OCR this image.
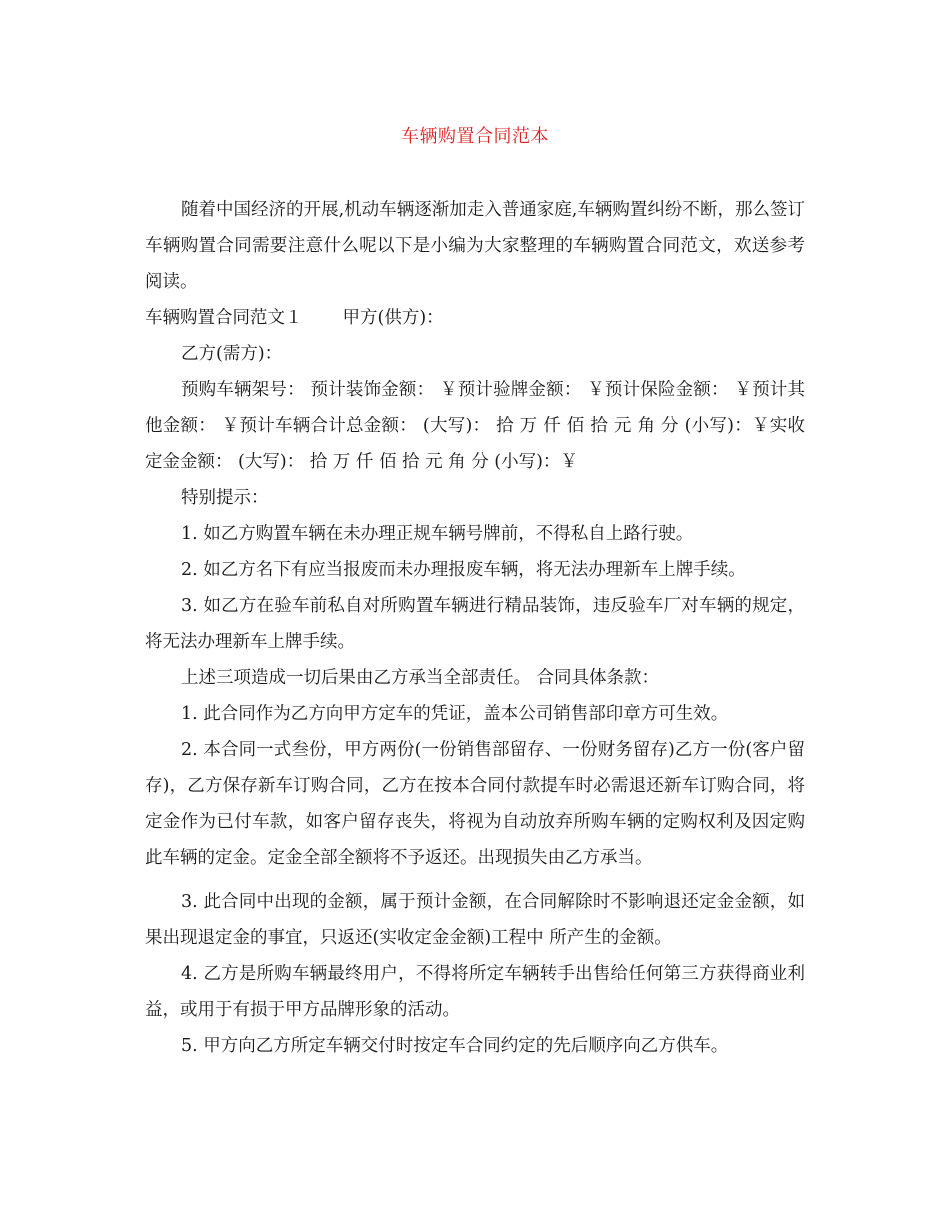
车辆购置合同范本

随着中国经济的开展,机动车辆逐渐加走入普通家庭,车辆购置纠纷不断，那么签订车辆购置合同需要注意什么呢以下是小编为大家整理的车辆购置合同范文，欢送参考阅读。

车辆购置合同范文１ 甲方(供方)：

乙方(需方)：

预购车辆架号： 预计装饰金额： ￥预计验牌金额： ￥预计保险金额： ￥预计其他金额： ￥预计车辆合计总金额： (大写)： 拾 万 仟 佰 拾 元 角 分 (小写)：￥实收定金金额： (大写)： 拾 万 仟 佰 拾 元 角 分 (小写)：￥

特别提示：

1. 如乙方购置车辆在未办理正规车辆号牌前，不得私自上路行驶。

2. 如乙方名下有应当报废而未办理报废车辆，将无法办理新车上牌手续。

3. 如乙方在验车前私自对所购置车辆进行精品装饰，违反验车厂对车辆的规定，将无法办理新车上牌手续。

上述三项造成一切后果由乙方承当全部责任。 合同具体条款：

1. 此合同作为乙方向甲方定车的凭证，盖本公司销售部印章方可生效。

2. 本合同一式叁份，甲方两份(一份销售部留存、一份财务留存)乙方一份(客户留存)，乙方保存新车订购合同，乙方在按本合同付款提车时必需退还新车订购合同，将定金作为已付车款，如客户留存丧失，将视为自动放弃所购车辆的定购权利及因定购此车辆的定金。定金全部全额将不予返还。出现损失由乙方承当。

3. 此合同中出现的金额，属于预计金额，在合同解除时不影响退还定金金额，如果出现退定金的事宜，只返还(实收定金金额)工程中 所产生的金额。

4. 乙方是所购车辆最终用户，不得将所定车辆转手出售给任何第三方获得商业利益，或用于有损于甲方品牌形象的活动。

5. 甲方向乙方所定车辆交付时按定车合同约定的先后顺序向乙方供车。
